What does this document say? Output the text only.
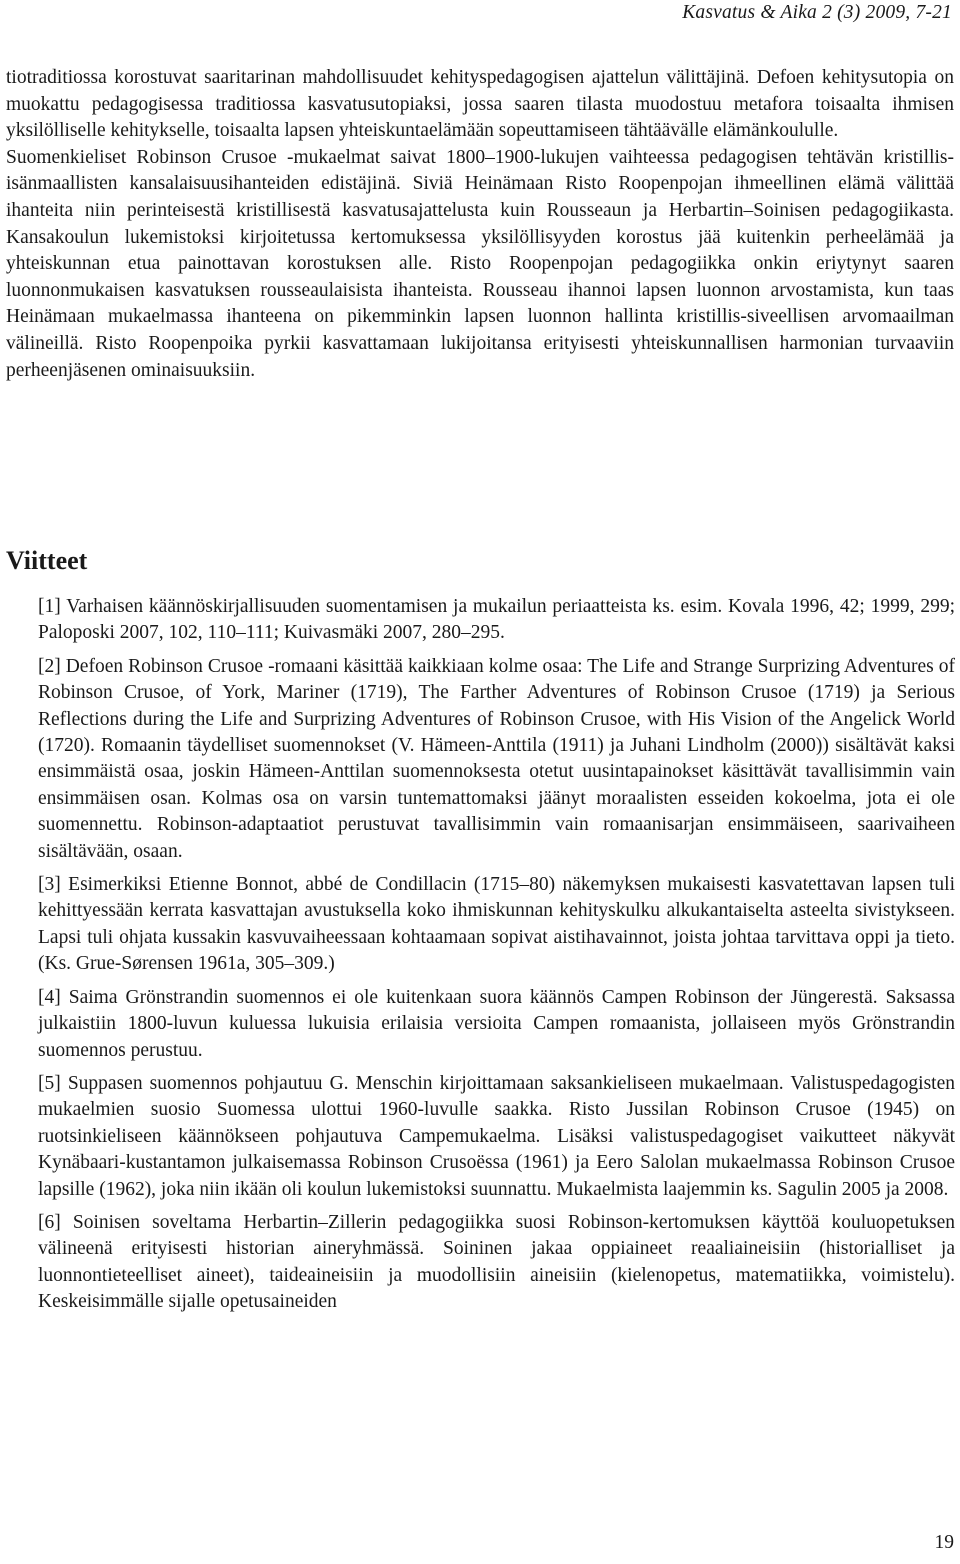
Kasvatus & Aika 2 (3) 2009, 7-21

tiotraditiossa korostuvat saaritarinan mahdollisuudet kehityspedagogisen ajattelun välittäjinä. Defoen kehitysutopia on muokattu pedagogisessa traditiossa kasvatusutopiaksi, jossa saaren tilasta muodostuu metafora toisaalta ihmisen yksilölliselle kehitykselle, toisaalta lapsen yhteiskuntaelämään sopeuttamiseen tähtäävälle elämänkoululle.

Suomenkieliset Robinson Crusoe -mukaelmat saivat 1800–1900-lukujen vaihteessa pedagogisen tehtävän kristillis-isänmaallisten kansalaisuusihanteiden edistäjinä. Siviä Heinämaan Risto Roopenpojan ihmeellinen elämä välittää ihanteita niin perinteisestä kristillisestä kasvatusajattelusta kuin Rousseaun ja Herbartin–Soinisen pedagogiikasta. Kansakoulun lukemistoksi kirjoitetussa kertomuksessa yksilöllisyyden korostus jää kuitenkin perheelämää ja yhteiskunnan etua painottavan korostuksen alle. Risto Roopenpojan pedagogiikka onkin eriytynyt saaren luonnonmukaisen kasvatuksen rousseaulaisista ihanteista. Rousseau ihannoi lapsen luonnon arvostamista, kun taas Heinämaan mukaelmassa ihanteena on pikemminkin lapsen luonnon hallinta kristillis-siveellisen arvomaailman välineillä. Risto Roopenpoika pyrkii kasvattamaan lukijoitansa erityisesti yhteiskunnallisen harmonian turvaaviin perheenjäsenen ominaisuuksiin.

Viitteet

[1] Varhaisen käännöskirjallisuuden suomentamisen ja mukailun periaatteista ks. esim. Kovala 1996, 42; 1999, 299; Paloposki 2007, 102, 110–111; Kuivasmäki 2007, 280–295.

[2] Defoen Robinson Crusoe -romaani käsittää kaikkiaan kolme osaa: The Life and Strange Surprizing Adventures of Robinson Crusoe, of York, Mariner (1719), The Farther Adventures of Robinson Crusoe (1719) ja Serious Reflections during the Life and Surprizing Adventures of Robinson Crusoe, with His Vision of the Angelick World (1720). Romaanin täydelliset suomennokset (V. Hämeen-Anttila (1911) ja Juhani Lindholm (2000)) sisältävät kaksi ensimmäistä osaa, joskin Hämeen-Anttilan suomennoksesta otetut uusintapainokset käsittävät tavallisimmin vain ensimmäisen osan. Kolmas osa on varsin tuntemattomaksi jäänyt moraalisten esseiden kokoelma, jota ei ole suomennettu. Robinson-adaptaatiot perustuvat tavallisimmin vain romaanisarjan ensimmäiseen, saarivaiheen sisältävään, osaan.

[3] Esimerkiksi Etienne Bonnot, abbé de Condillacin (1715–80) näkemyksen mukaisesti kasvatettavan lapsen tuli kehittyessään kerrata kasvattajan avustuksella koko ihmiskunnan kehityskulku alkukantaiselta asteelta sivistykseen. Lapsi tuli ohjata kussakin kasvuvaiheessaan kohtaamaan sopivat aistihavainnot, joista johtaa tarvittava oppi ja tieto. (Ks. Grue-Sørensen 1961a, 305–309.)

[4] Saima Grönstrandin suomennos ei ole kuitenkaan suora käännös Campen Robinson der Jüngerestä. Saksassa julkaistiin 1800-luvun kuluessa lukuisia erilaisia versioita Campen romaanista, jollaiseen myös Grönstrandin suomennos perustuu.

[5] Suppasen suomennos pohjautuu G. Menschin kirjoittamaan saksankieliseen mukaelmaan. Valistuspedagogisten mukaelmien suosio Suomessa ulottui 1960-luvulle saakka. Risto Jussilan Robinson Crusoe (1945) on ruotsinkieliseen käännökseen pohjautuva Campemukaelma. Lisäksi valistuspedagogiset vaikutteet näkyvät Kynäbaari-kustantamon julkaisemassa Robinson Crusoëssa (1961) ja Eero Salolan mukaelmassa Robinson Crusoe lapsille (1962), joka niin ikään oli koulun lukemistoksi suunnattu. Mukaelmista laajemmin ks. Sagulin 2005 ja 2008.

[6] Soinisen soveltama Herbartin–Zillerin pedagogiikka suosi Robinson-kertomuksen käyttöä kouluopetuksen välineenä erityisesti historian aineryhmässä. Soininen jakaa oppiaineet reaaliaineisiin (historialliset ja luonnontieteelliset aineet), taideaineisiin ja muodollisiin aineisiin (kielenopetus, matematiikka, voimistelu). Keskeisimmälle sijalle opetusaineiden

19
